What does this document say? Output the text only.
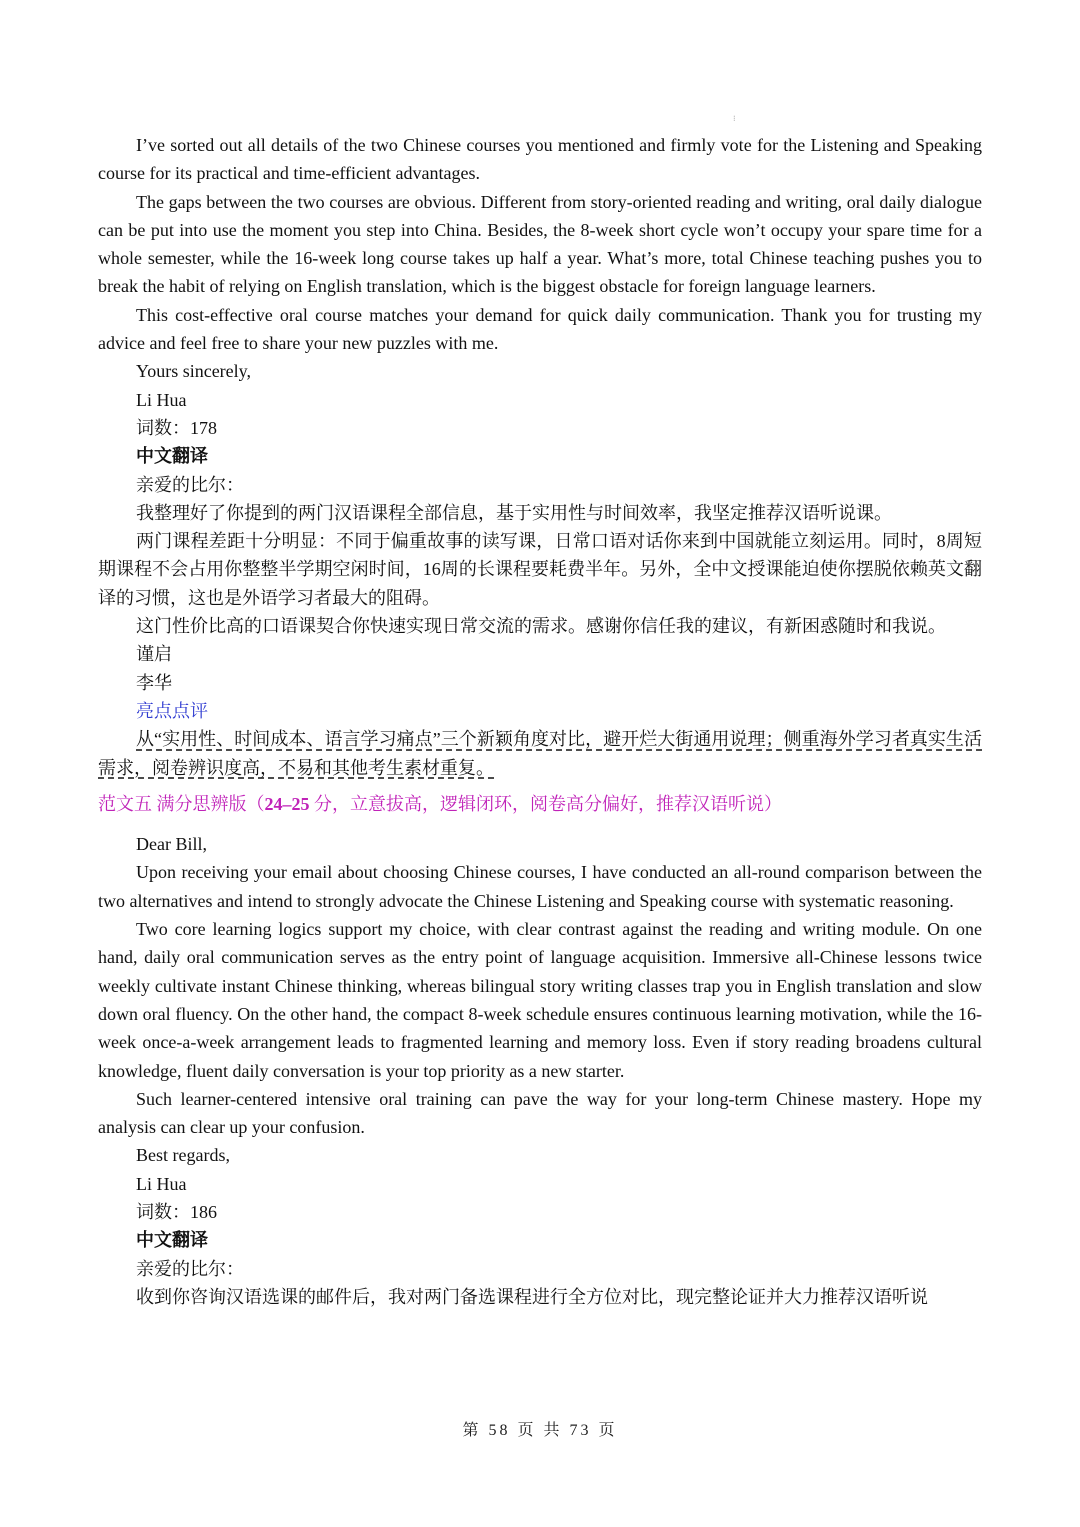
⁝

I’ve sorted out all details of the two Chinese courses you mentioned and firmly vote for the Listening and Speaking course for its practical and time-efficient advantages.

The gaps between the two courses are obvious. Different from story-oriented reading and writing, oral daily dialogue can be put into use the moment you step into China. Besides, the 8-week short cycle won’t occupy your spare time for a whole semester, while the 16-week long course takes up half a year. What’s more, total Chinese teaching pushes you to break the habit of relying on English translation, which is the biggest obstacle for foreign language learners.

This cost-effective oral course matches your demand for quick daily communication. Thank you for trusting my advice and feel free to share your new puzzles with me.

Yours sincerely,

Li Hua

词数：178

中文翻译

亲爱的比尔：

我整理好了你提到的两门汉语课程全部信息，基于实用性与时间效率，我坚定推荐汉语听说课。

两门课程差距十分明显：不同于偏重故事的读写课，日常口语对话你来到中国就能立刻运用。同时，8周短期课程不会占用你整整半学期空闲时间，16周的长课程要耗费半年。另外，全中文授课能迫使你摆脱依赖英文翻译的习惯，这也是外语学习者最大的阻碍。

这门性价比高的口语课契合你快速实现日常交流的需求。感谢你信任我的建议，有新困惑随时和我说。

谨启

李华

亮点点评

从“实用性、时间成本、语言学习痛点”三个新颖角度对比，避开烂大街通用说理；侧重海外学习者真实生活需求，阅卷辨识度高，不易和其他考生素材重复。

范文五 满分思辨版（24–25 分，立意拔高，逻辑闭环，阅卷高分偏好，推荐汉语听说）

Dear Bill,

Upon receiving your email about choosing Chinese courses, I have conducted an all-round comparison between the two alternatives and intend to strongly advocate the Chinese Listening and Speaking course with systematic reasoning.

Two core learning logics support my choice, with clear contrast against the reading and writing module. On one hand, daily oral communication serves as the entry point of language acquisition. Immersive all-Chinese lessons twice weekly cultivate instant Chinese thinking, whereas bilingual story writing classes trap you in English translation and slow down oral fluency. On the other hand, the compact 8-week schedule ensures continuous learning motivation, while the 16-week once-a-week arrangement leads to fragmented learning and memory loss. Even if story reading broadens cultural knowledge, fluent daily conversation is your top priority as a new starter.

Such learner-centered intensive oral training can pave the way for your long-term Chinese mastery. Hope my analysis can clear up your confusion.

Best regards,

Li Hua

词数：186

中文翻译

亲爱的比尔：

收到你咨询汉语选课的邮件后，我对两门备选课程进行全方位对比，现完整论证并大力推荐汉语听说

第 58 页 共 73 页
